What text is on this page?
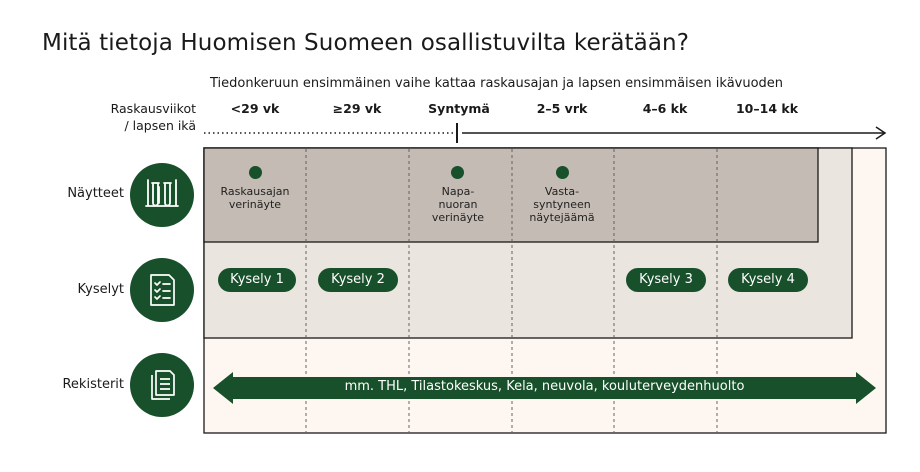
Mitä tietoja Huomisen Suomeen osallistuvilta kerätään?
Tiedonkeruun ensimmäinen vaihe kattaa raskausajan ja lapsen ensimmäisen ikävuoden
Raskausviikot
/ lapsen ikä
<29 vk	≥29 vk	Syntymä	2–5 vrk	4–6 kk	10–14 kk
Näytteet
Kyselyt
Rekisterit
Raskausajan
verinäyte
Napa-
nuoran
verinäyte
Vasta-
syntyneen
näytejäämä
Kysely 1	Kysely 2	Kysely 3	Kysely 4
mm. THL, Tilastokeskus, Kela, neuvola, kouluterveydenhuolto
